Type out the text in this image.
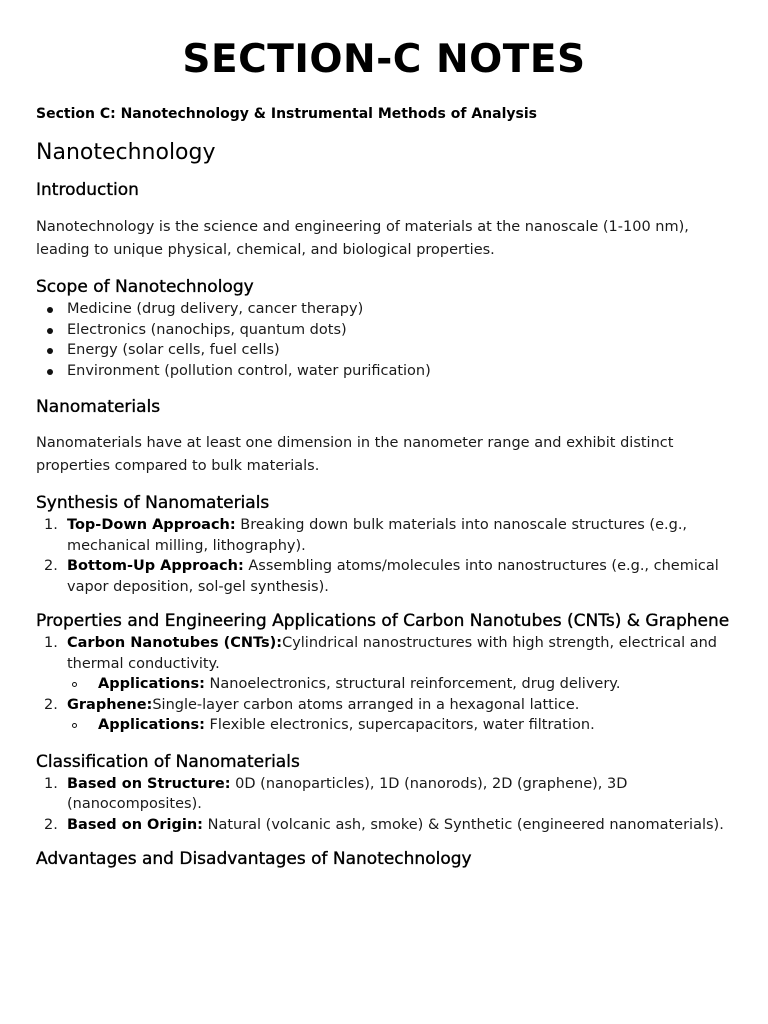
SECTION-C NOTES

Section C: Nanotechnology & Instrumental Methods of Analysis

Nanotechnology
Introduction

Nanotechnology is the science and engineering of materials at the nanoscale (1-100 nm), leading to unique physical, chemical, and biological properties.

Scope of Nanotechnology
Medicine (drug delivery, cancer therapy)
Electronics (nanochips, quantum dots)
Energy (solar cells, fuel cells)
Environment (pollution control, water purification)
Nanomaterials

Nanomaterials have at least one dimension in the nanometer range and exhibit distinct properties compared to bulk materials.

Synthesis of Nanomaterials
1. Top-Down Approach: Breaking down bulk materials into nanoscale structures (e.g., mechanical milling, lithography).
2. Bottom-Up Approach: Assembling atoms/molecules into nanostructures (e.g., chemical vapor deposition, sol-gel synthesis).
Properties and Engineering Applications of Carbon Nanotubes (CNTs) & Graphene
1. Carbon Nanotubes (CNTs):Cylindrical nanostructures with high strength, electrical and thermal conductivity.
Applications: Nanoelectronics, structural reinforcement, drug delivery.
2. Graphene:Single-layer carbon atoms arranged in a hexagonal lattice.
Applications: Flexible electronics, supercapacitors, water filtration.
Classification of Nanomaterials
1. Based on Structure: 0D (nanoparticles), 1D (nanorods), 2D (graphene), 3D (nanocomposites).
2. Based on Origin: Natural (volcanic ash, smoke) & Synthetic (engineered nanomaterials).
Advantages and Disadvantages of Nanotechnology
